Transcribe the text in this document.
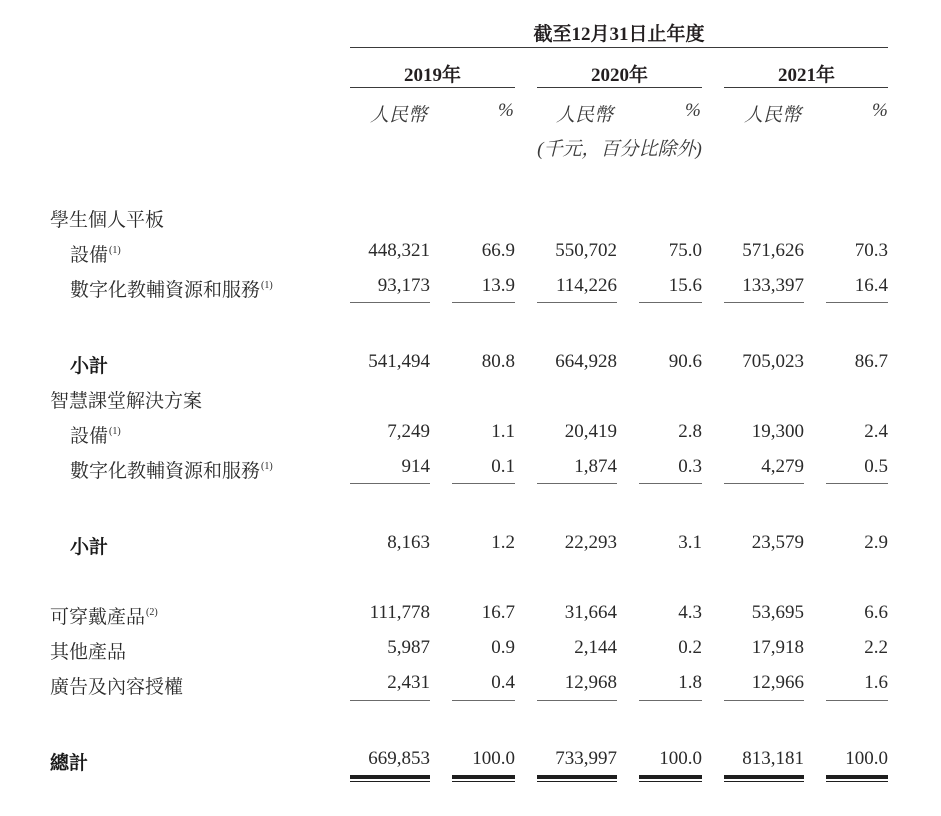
截至12月31日止年度
2019年	2020年	2021年
人民幣	% 人民幣	% 人民幣	%
(千元，百分比除外)
學生個人平板
設備$^{(1)}$	448,321	66.9	550,702	75.0	571,626	70.3
數字化教輔資源和服務$^{(1)}$	93,173	13.9	114,226	15.6	133,397	16.4
小計	541,494	80.8	664,928	90.6	705,023	86.7
智慧課堂解決方案
設備$^{(1)}$	7,249	1.1	20,419	2.8	19,300	2.4
數字化教輔資源和服務$^{(1)}$	914	0.1	1,874	0.3	4,279	0.5
小計	8,163	1.2	22,293	3.1	23,579	2.9
可穿戴產品$^{(2)}$	111,778	16.7	31,664	4.3	53,695	6.6
其他產品	5,987	0.9	2,144	0.2	17,918	2.2
廣告及內容授權	2,431	0.4	12,968	1.8	12,966	1.6
總計	669,853	100.0	733,997	100.0	813,181	100.0
